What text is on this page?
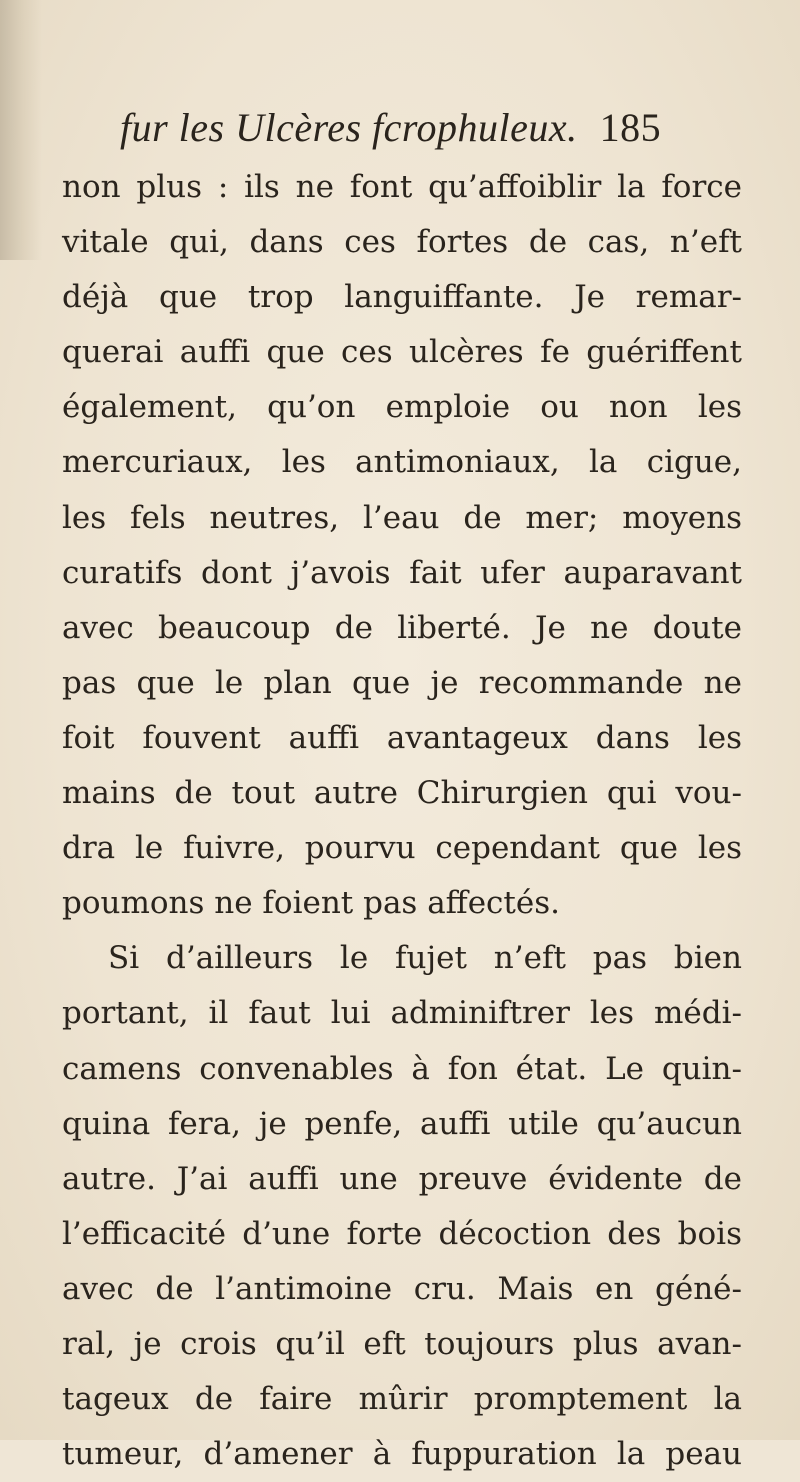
fur les Ulcères fcrophuleux. 185
non plus : ils ne font qu’affoiblir la force
vitale qui, dans ces fortes de cas, n’eft
déjà que trop languiffante. Je remar-
querai auffi que ces ulcères fe guériffent
également, qu’on emploie ou non les
mercuriaux, les antimoniaux, la cigue,
les fels neutres, l’eau de mer; moyens
curatifs dont j’avois fait ufer auparavant
avec beaucoup de liberté. Je ne doute
pas que le plan que je recommande ne
foit fouvent auffi avantageux dans les
mains de tout autre Chirurgien qui vou-
dra le fuivre, pourvu cependant que les
poumons ne foient pas affectés.
Si d’ailleurs le fujet n’eft pas bien
portant, il faut lui adminiftrer les médi-
camens convenables à fon état. Le quin-
quina fera, je penfe, auffi utile qu’aucun
autre. J’ai auffi une preuve évidente de
l’efficacité d’une forte décoction des bois
avec de l’antimoine cru. Mais en géné-
ral, je crois qu’il eft toujours plus avan-
tageux de faire mûrir promptement la
tumeur, d’amener à fuppuration la peau
